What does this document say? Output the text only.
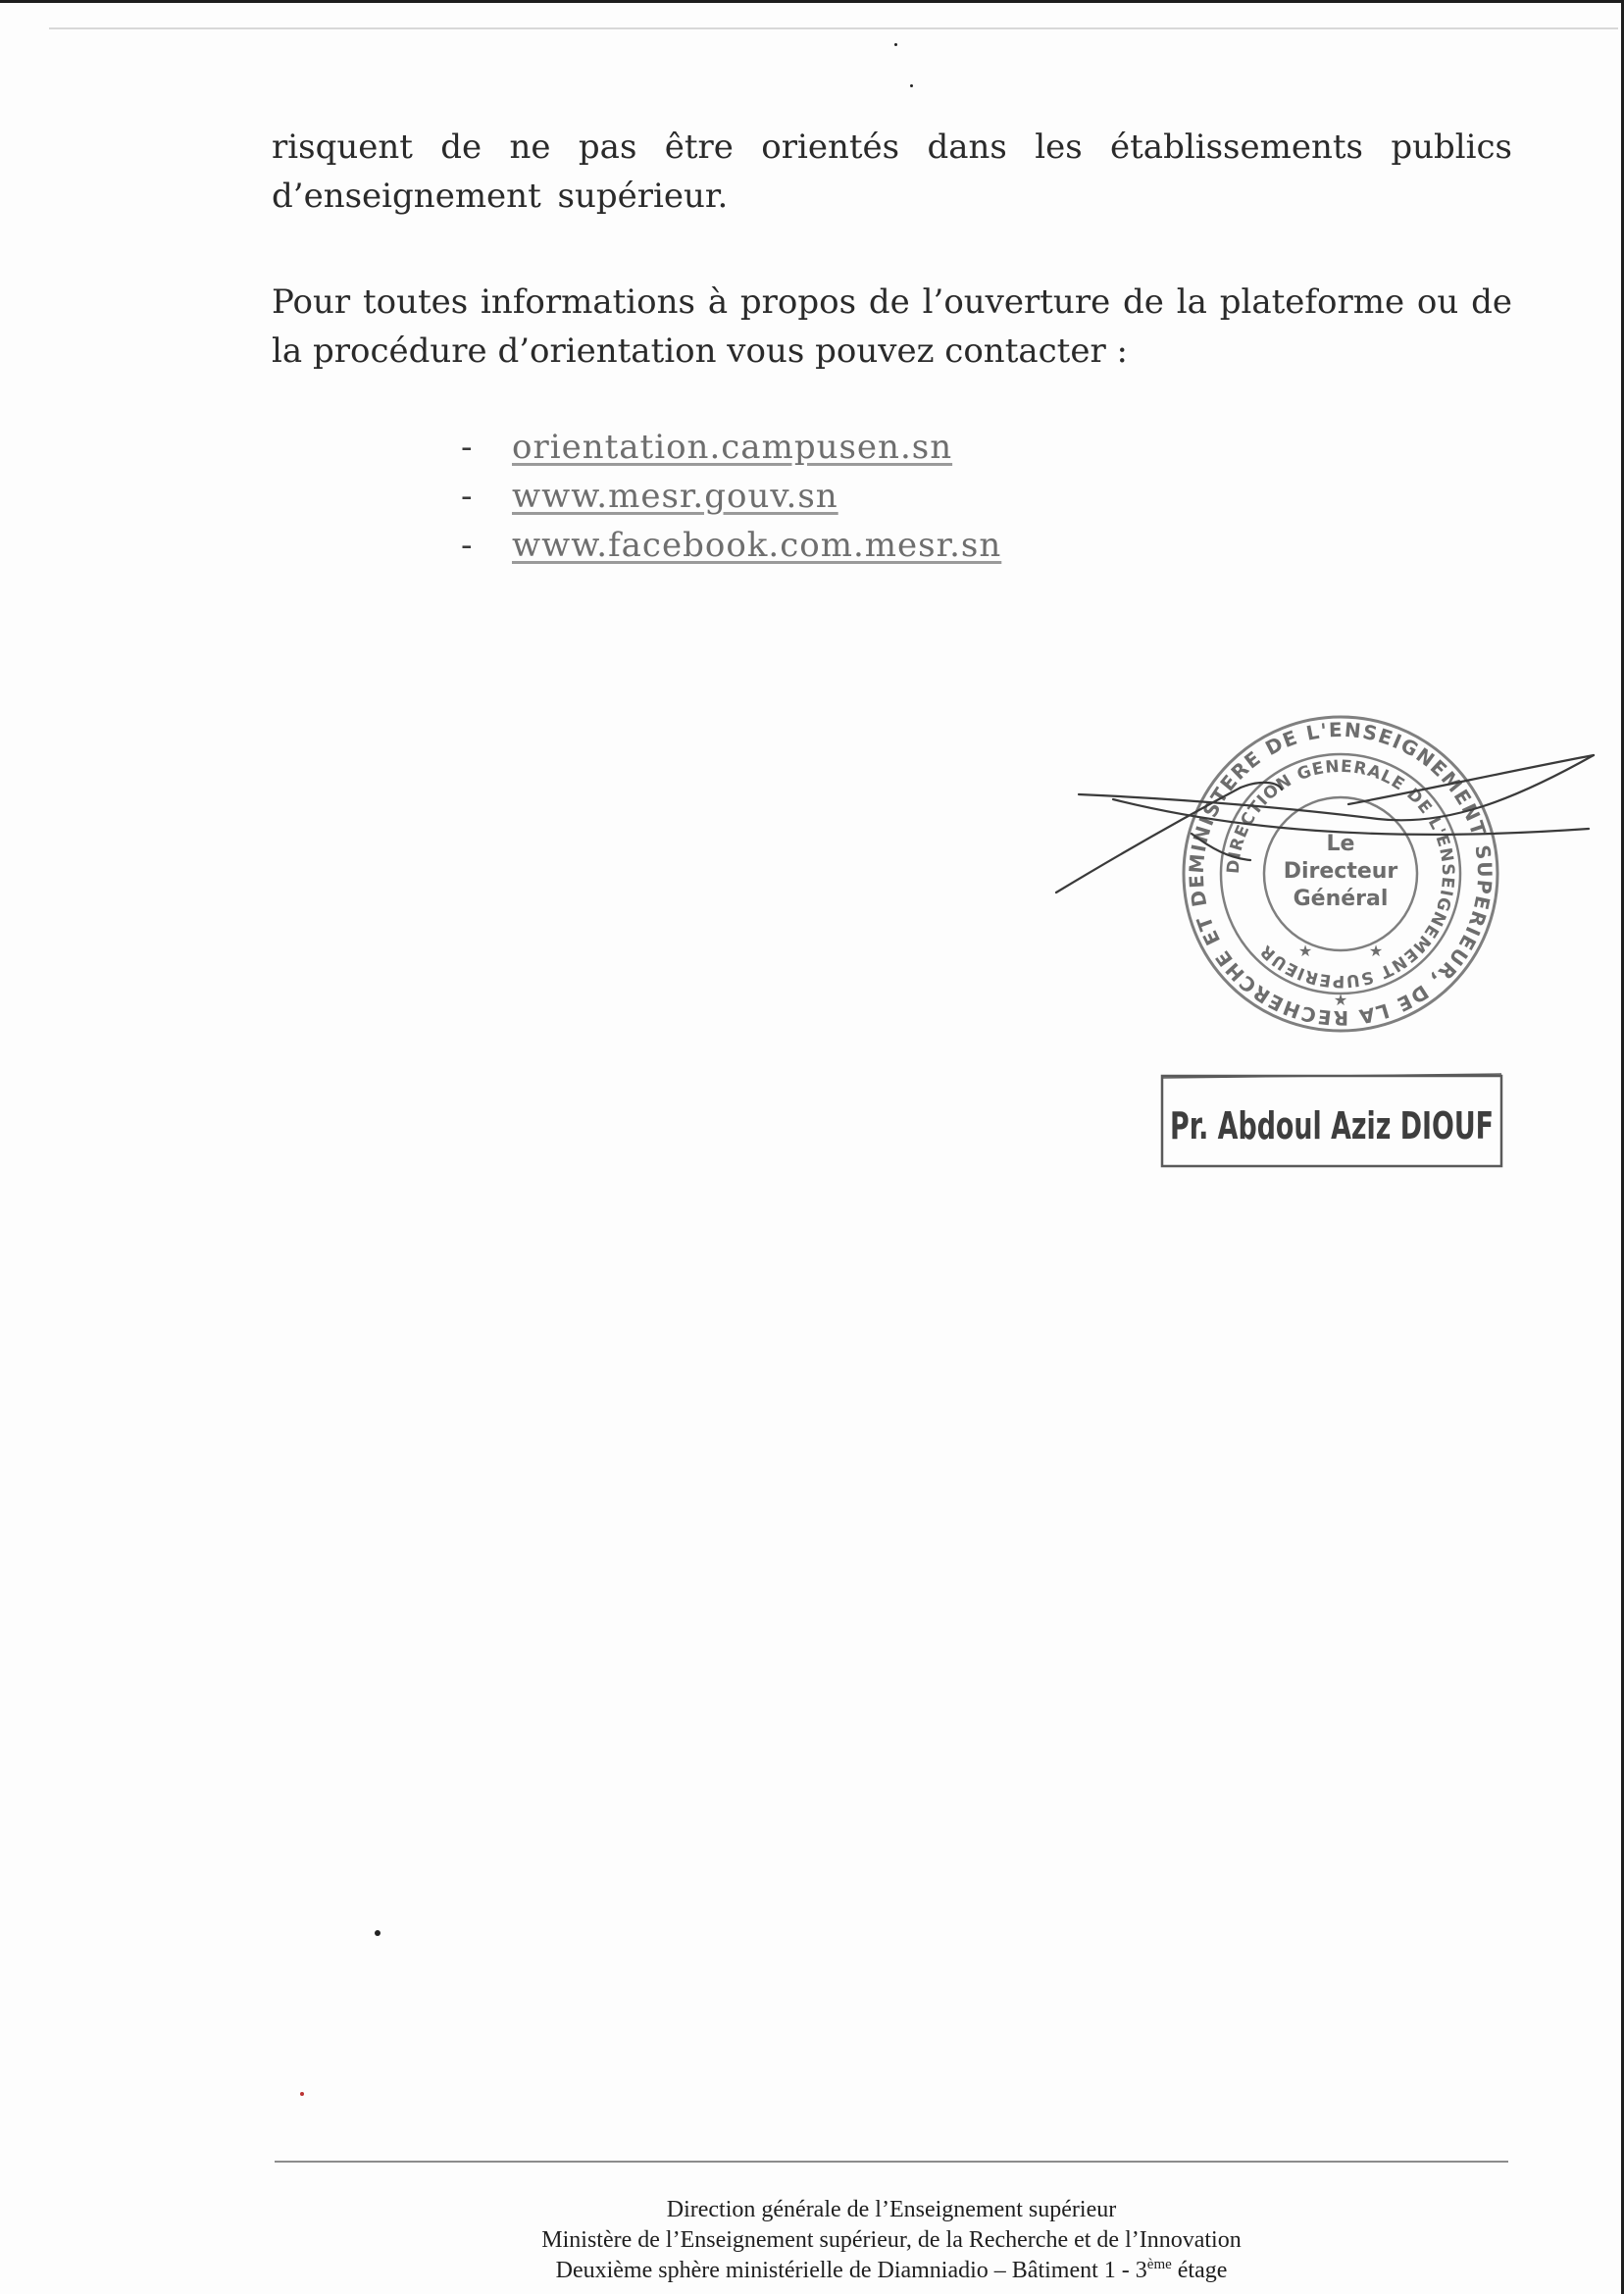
risquent de ne pas être orientés dans les établissements publics
d’enseignement supérieur.
Pour toutes informations à propos de l’ouverture de la plateforme ou de
la procédure d’orientation vous pouvez contacter :
- orientation.campusen.sn
- www.mesr.gouv.sn
- www.facebook.com.mesr.sn
MINISTERE DE L'ENSEIGNEMENT SUPERIEUR, DE LA RECHERCHE ET DE
DIRECTION GENERALE DE L'ENSEIGNEMENT SUPERIEUR
Le
Directeur
Général
★	★
★
Pr. Abdoul Aziz DIOUF
Direction générale de l’Enseignement supérieur
Ministère de l’Enseignement supérieur, de la Recherche et de l’Innovation
Deuxième sphère ministérielle de Diamniadio – Bâtiment 1 - 3ème étage
